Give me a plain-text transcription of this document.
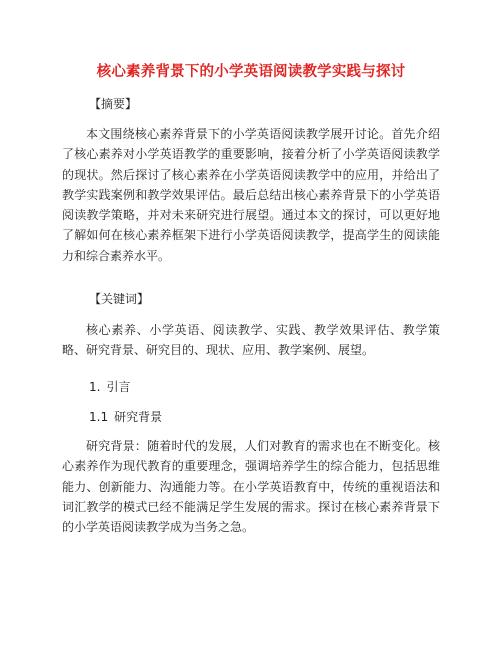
核心素养背景下的小学英语阅读教学实践与探讨
【摘要】

本文围绕核心素养背景下的小学英语阅读教学展开讨论。首先介绍了核心素养对小学英语教学的重要影响，接着分析了小学英语阅读教学的现状。然后探讨了核心素养在小学英语阅读教学中的应用，并给出了教学实践案例和教学效果评估。最后总结出核心素养背景下的小学英语阅读教学策略，并对未来研究进行展望。通过本文的探讨，可以更好地了解如何在核心素养框架下进行小学英语阅读教学，提高学生的阅读能力和综合素养水平。

【关键词】

核心素养、小学英语、阅读教学、实践、教学效果评估、教学策略、研究背景、研究目的、现状、应用、教学案例、展望。

1. 引言
1.1 研究背景

研究背景：随着时代的发展，人们对教育的需求也在不断变化。核心素养作为现代教育的重要理念，强调培养学生的综合能力，包括思维能力、创新能力、沟通能力等。在小学英语教育中，传统的重视语法和词汇教学的模式已经不能满足学生发展的需求。探讨在核心素养背景下的小学英语阅读教学成为当务之急。
